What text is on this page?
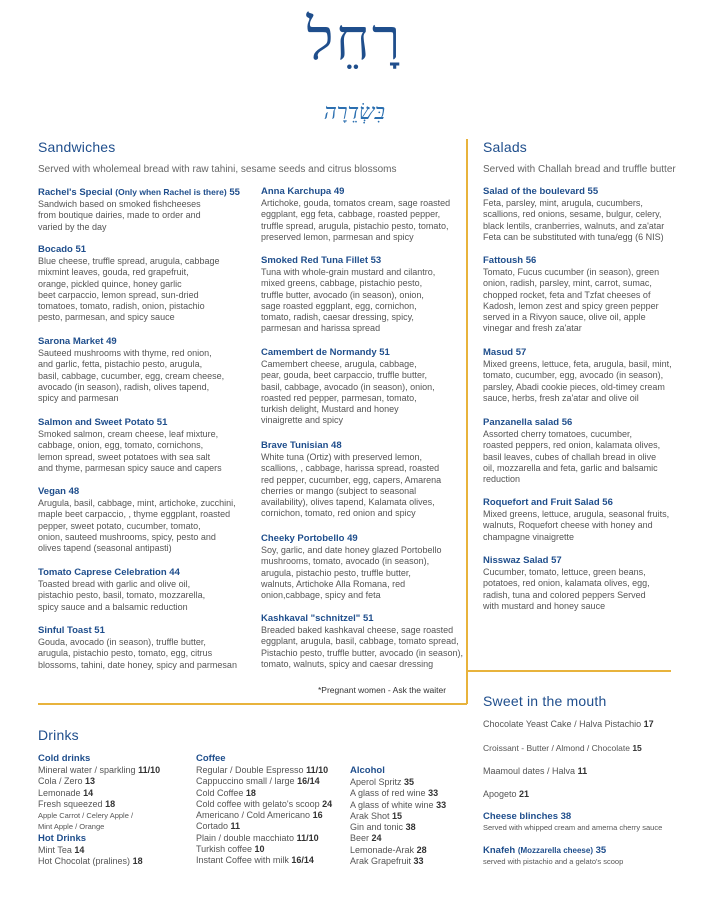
רָחֵל
בִּשְׂדֵרָה
Sandwiches
Served with wholemeal bread with raw tahini, sesame seeds and citrus blossoms
Rachel's Special (Only when Rachel is there) 55
Sandwich based on smoked fishcheeses
from boutique dairies, made to order and
varied by the day
Bocado 51
Blue cheese, truffle spread, arugula, cabbage
mixmint leaves, gouda, red grapefruit,
orange, pickled quince, honey garlic
beet carpaccio, lemon spread, sun-dried
tomatoes, tomato, radish, onion, pistachio
pesto, parmesan, and spicy sauce
Sarona Market 49
Sauteed mushrooms with thyme, red onion,
and garlic, fetta, pistachio pesto, arugula,
basil, cabbage, cucumber, egg, cream cheese,
avocado (in season), radish, olives tapend,
spicy and parmesan
Salmon and Sweet Potato 51
Smoked salmon, cream cheese, leaf mixture,
cabbage, onion, egg, tomato, cornichons,
lemon spread, sweet potatoes with sea salt
and thyme, parmesan spicy sauce and capers
Vegan 48
Arugula, basil, cabbage, mint, artichoke, zucchini,
maple beet carpaccio, , thyme eggplant, roasted
pepper, sweet potato, cucumber, tomato,
onion, sauteed mushrooms, spicy, pesto and
olives tapend (seasonal antipasti)
Tomato Caprese Celebration 44
Toasted bread with garlic and olive oil,
pistachio pesto, basil, tomato, mozzarella,
spicy sauce and a balsamic reduction
Sinful Toast 51
Gouda, avocado (in season), truffle butter,
arugula, pistachio pesto, tomato, egg, citrus
blossoms, tahini, date honey, spicy and parmesan
Anna Karchupa 49
Artichoke, gouda, tomatos cream, sage roasted
eggplant, egg feta, cabbage, roasted pepper,
truffle spread, arugula, pistachio pesto, tomato,
preserved lemon, parmesan and spicy
Smoked Red Tuna Fillet 53
Tuna with whole-grain mustard and cilantro,
mixed greens, cabbage, pistachio pesto,
truffle butter, avocado (in season), onion,
sage roasted eggplant, egg, cornichon,
tomato, radish, caesar dressing, spicy,
parmesan and harissa spread
Camembert de Normandy 51
Camembert cheese, arugula, cabbage,
pear, gouda, beet carpaccio, truffle butter,
basil, cabbage, avocado (in season), onion,
roasted red pepper, parmesan, tomato,
turkish delight, Mustard and honey
vinaigrette and spicy
Brave Tunisian 48
White tuna (Ortiz) with preserved lemon,
scallions, , cabbage, harissa spread, roasted
red pepper, cucumber, egg, capers, Amarena
cherries or mango (subject to seasonal
availability), olives tapend, Kalamata olives,
cornichon, tomato, red onion and spicy
Cheeky Portobello 49
Soy, garlic, and date honey glazed Portobello
mushrooms, tomato, avocado (in season),
arugula, pistachio pesto, truffle butter,
walnuts, Artichoke Alla Romana, red
onion,cabbage, spicy and feta
Kashkaval "schnitzel" 51
Breaded baked kashkaval cheese, sage roasted
eggplant, arugula, basil, cabbage, tomato spread,
Pistachio pesto, truffle butter, avocado (in season),
tomato, walnuts, spicy and caesar dressing
*Pregnant women - Ask the waiter
Salads
Served with Challah bread and truffle butter
Salad of the boulevard 55
Feta, parsley, mint, arugula, cucumbers,
scallions, red onions, sesame, bulgur, celery,
black lentils, cranberries, walnuts, and za'atar
Feta can be substituted with tuna/egg (6 NIS)
Fattoush 56
Tomato, Fucus cucumber (in season), green
onion, radish, parsley, mint, carrot, sumac,
chopped rocket, feta and Tzfat cheeses of
Kadosh, lemon zest and spicy green pepper
served in a Rivyon sauce, olive oil, apple
vinegar and fresh za'atar
Masud 57
Mixed greens, lettuce, feta, arugula, basil, mint,
tomato, cucumber, egg, avocado (in season),
parsley, Abadi cookie pieces, old-timey cream
sauce, herbs, fresh za'atar and olive oil
Panzanella salad 56
Assorted cherry tomatoes, cucumber,
roasted peppers, red onion, kalamata olives,
basil leaves, cubes of challah bread in olive
oil, mozzarella and feta, garlic and balsamic
reduction
Roquefort and Fruit Salad 56
Mixed greens, lettuce, arugula, seasonal fruits,
walnuts, Roquefort cheese with honey and
champagne vinaigrette
Nisswaz Salad 57
Cucumber, tomato, lettuce, green beans,
potatoes, red onion, kalamata olives, egg,
radish, tuna and colored peppers Served
with mustard and honey sauce
Drinks
Cold drinks
Mineral water / sparkling 11/10
Cola / Zero 13
Lemonade 14
Fresh squeezed 18
Apple Carrot / Celery Apple /
Mint Apple / Orange
Hot Drinks
Mint Tea 14
Hot Chocolat (pralines) 18
Coffee
Regular / Double Espresso 11/10
Cappuccino small / large 16/14
Cold Coffee 18
Cold coffee with gelato's scoop 24
Americano / Cold Americano 16
Cortado 11
Plain / double macchiato 11/10
Turkish coffee 10
Instant Coffee with milk 16/14
Alcohol
Aperol Spritz 35
A glass of red wine 33
A glass of white wine 33
Arak Shot 15
Gin and tonic 38
Beer 24
Lemonade-Arak 28
Arak Grapefruit 33
Sweet in the mouth
Chocolate Yeast Cake / Halva Pistachio 17
Croissant - Butter / Almond / Chocolate 15
Maamoul dates / Halva 11
Apogeto 21
Cheese blinches 38
Served with whipped cream and amerna cherry sauce
Knafeh (Mozzarella cheese) 35
served with pistachio and a gelato's scoop
